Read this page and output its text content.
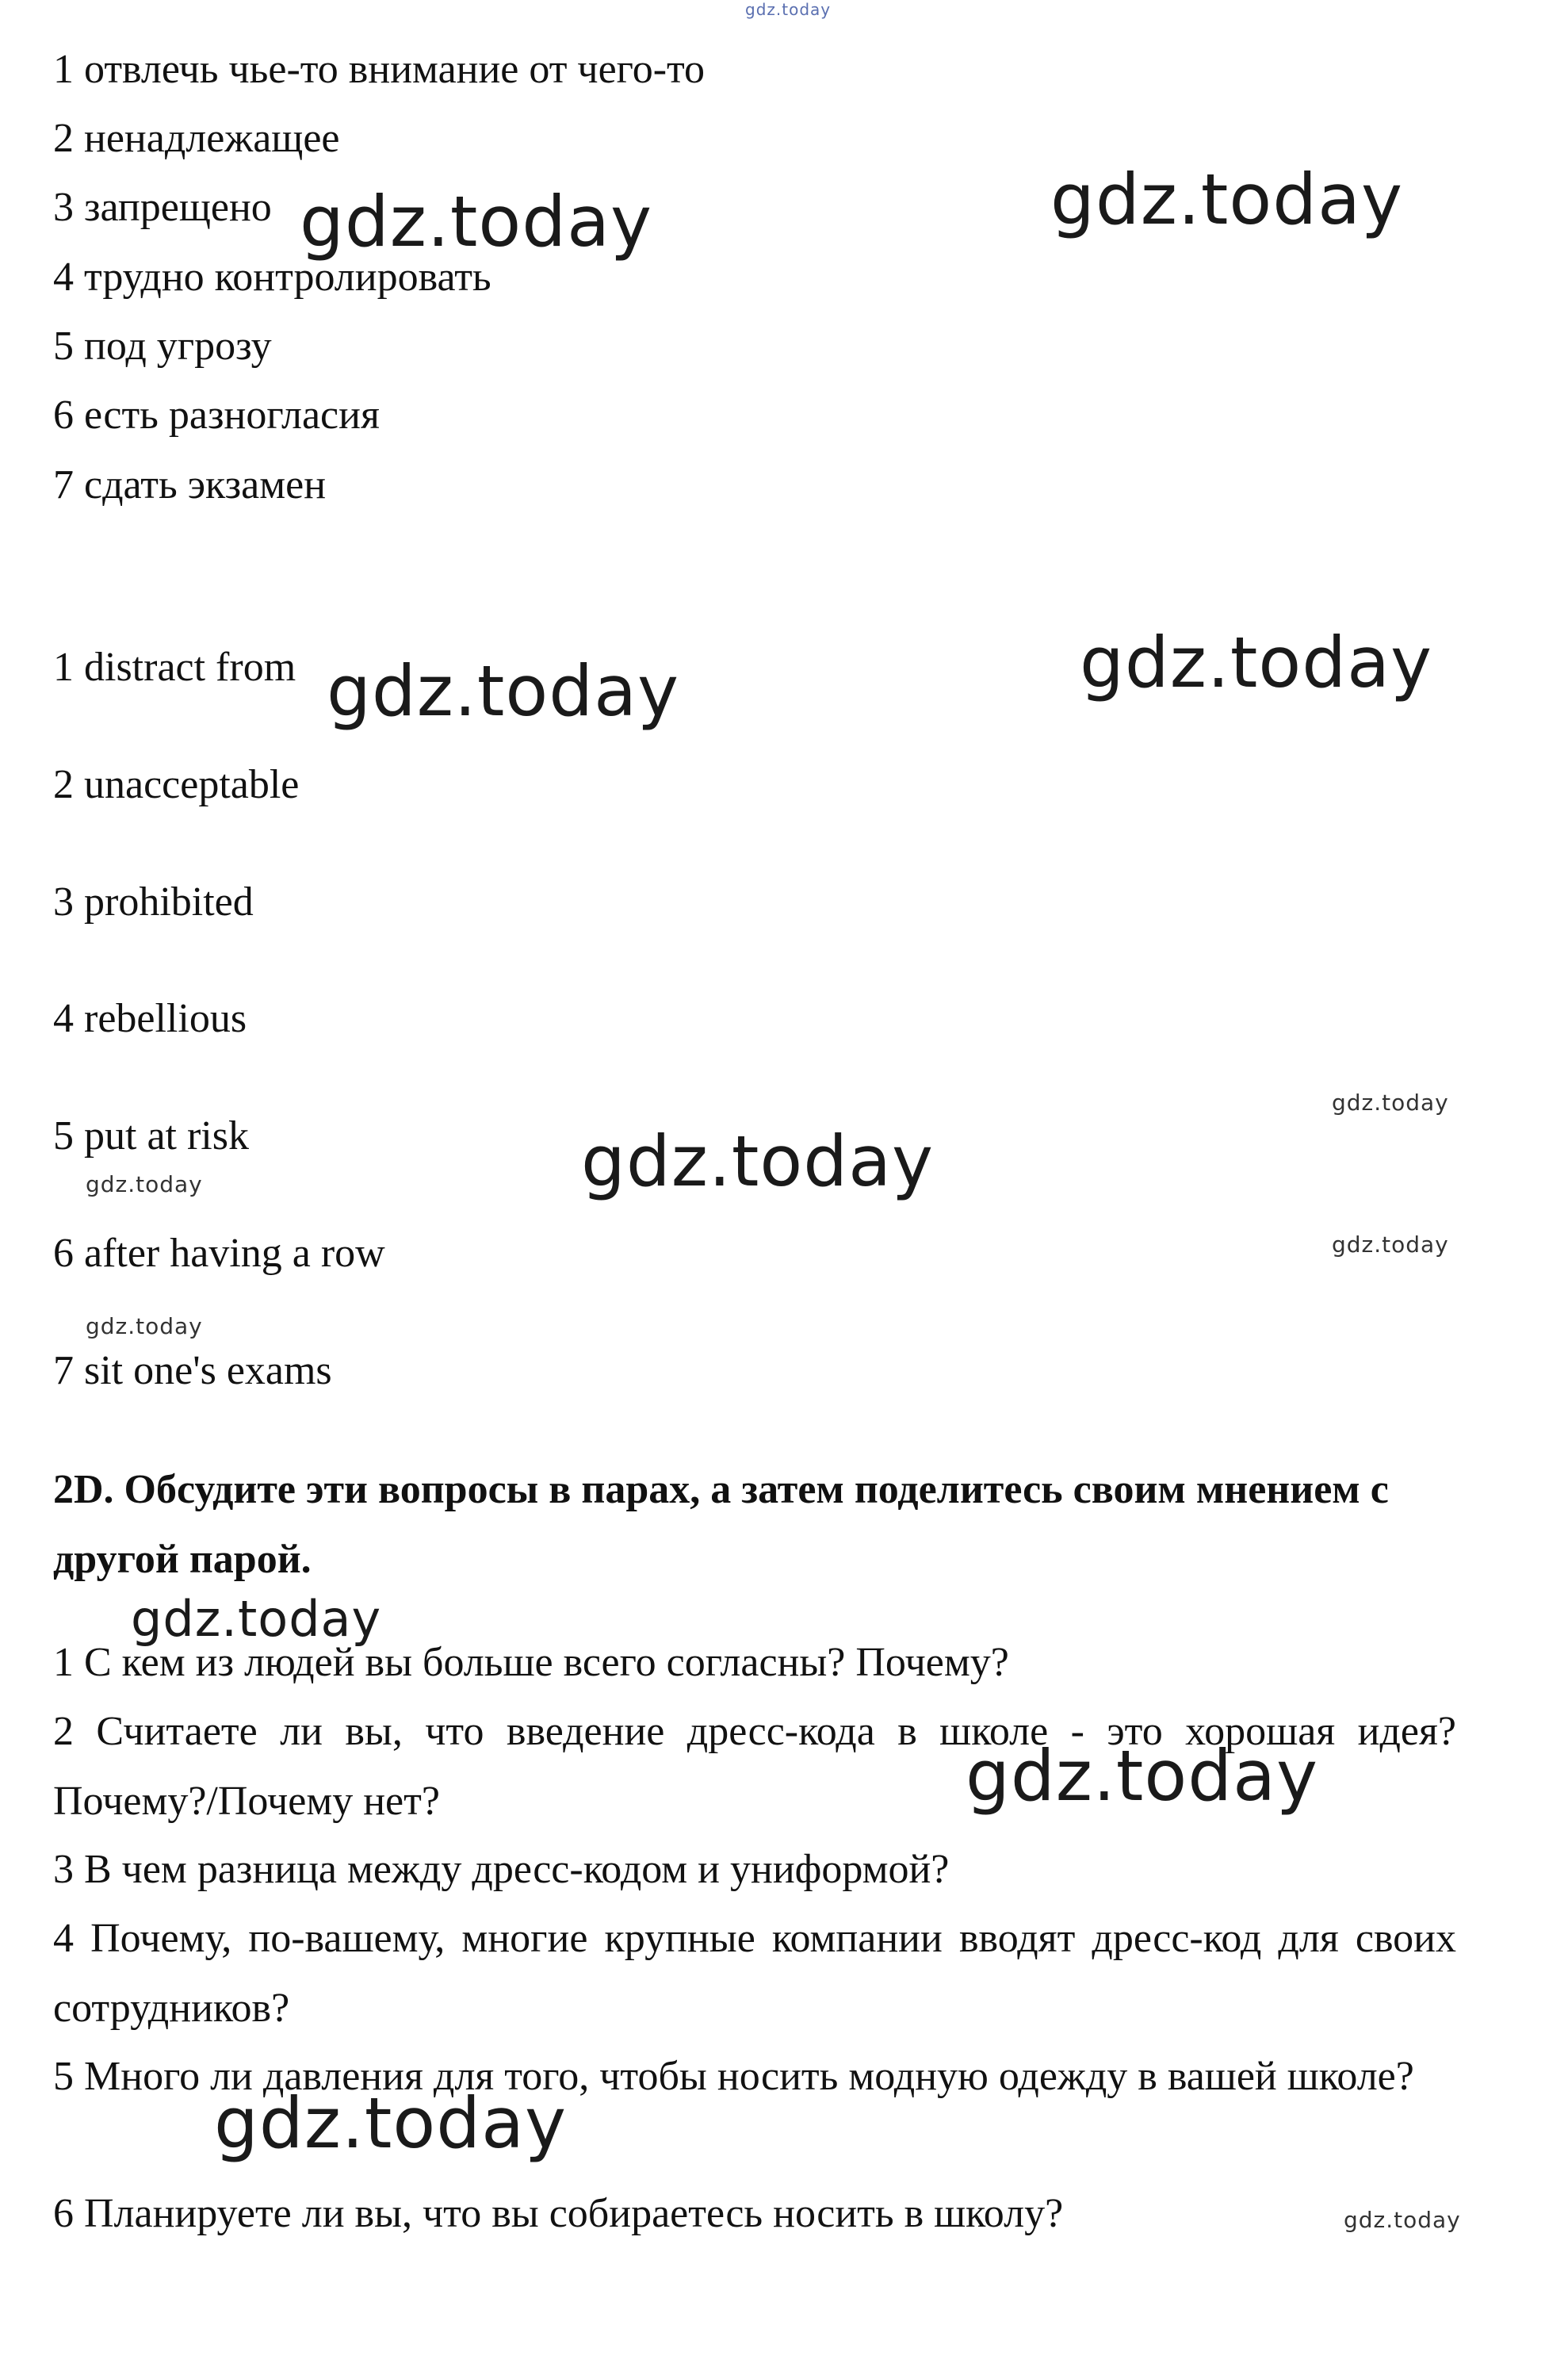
gdz.today
1 отвлечь чье-то внимание от чего-то
2 ненадлежащее
3 запрещено
4 трудно контролировать
5 под угрозу
6 есть разногласия
7 сдать экзамен
gdz.today	gdz.today
1 distract from
2 unacceptable
3 prohibited
4 rebellious
5 put at risk
6 after having a row
7 sit one's exams
gdz.today	gdz.today
gdz.today
gdz.today
gdz.today
gdz.today
gdz.today
2D. Обсудите эти вопросы в парах, а затем поделитесь своим мнением с другой парой.
1 С кем из людей вы больше всего согласны? Почему?
2 Считаете ли вы, что введение дресс-кода в школе - это хорошая идея? Почему?/Почему нет?
3 В чем разница между дресс-кодом и униформой?
4 Почему, по-вашему, многие крупные компании вводят дресс-код для своих сотрудников?
5 Много ли давления для того, чтобы носить модную одежду в вашей школе?
6 Планируете ли вы, что вы собираетесь носить в школу?
gdz.today
gdz.today
gdz.today
gdz.today
